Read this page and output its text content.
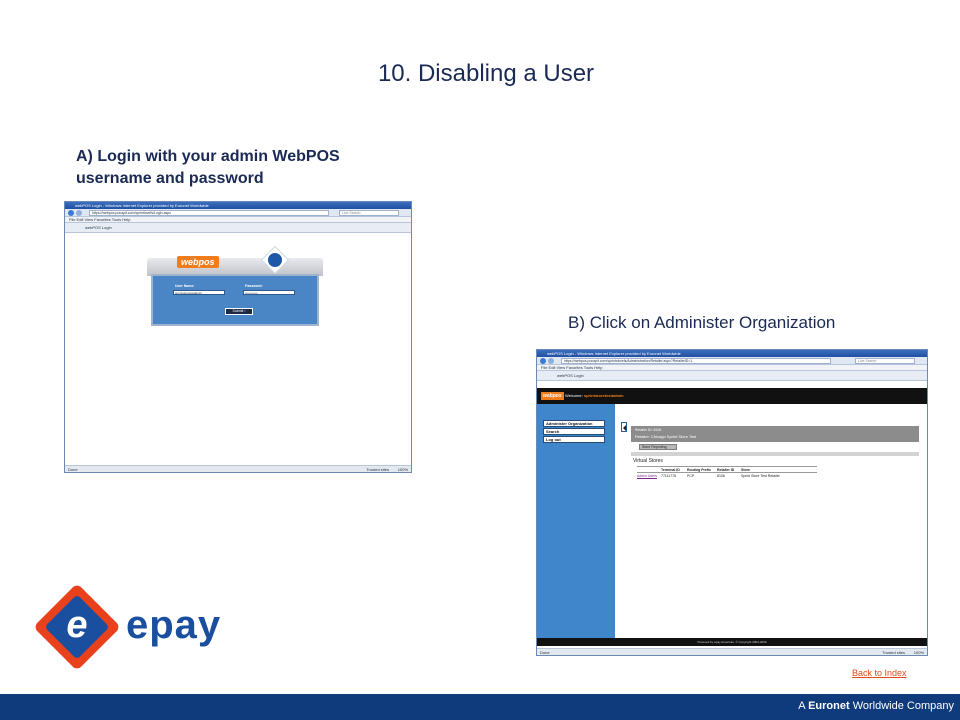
10. Disabling a User
A) Login with your admin WebPOS username and password
B) Click on Administer Organization
webPOS Login - Windows Internet Explorer provided by Euronet Worldwide
https://webpos.pocapit.com/sprintlovefs/Login.aspx	Live Search
File Edit View Favorites Tools Help
webPOS Login
webpos
User Name:
sprintstoretestadmin
Password:
••••••••••••
Submit ›
Done	Trusted sites 100%
webPOS Login - Windows Internet Explorer provided by Euronet Worldwide
https://webpos.pocapit.com/sprintstorefs/Administration/Retailer.aspx?RetailerID=1	Live Search
File Edit View Favorites Tools Help
webPOS Login
webpos Welcome: sprintstoretestadmin
Administer Organization
Search
Log out
Retailer ID: 8106
Retailer: Chicago Sprint Store Test
Store Reporting
Virtual Stores
Terminal ID	Routing Prefix	Retailer ID	Store
Admin Users	77111776	PCP	8106	Sprint Store Test Retailer
Powered by epay Americas. © Copyright 2004-2009
Done	Trusted sites 100%
e epay
Back to Index
A Euronet Worldwide Company
